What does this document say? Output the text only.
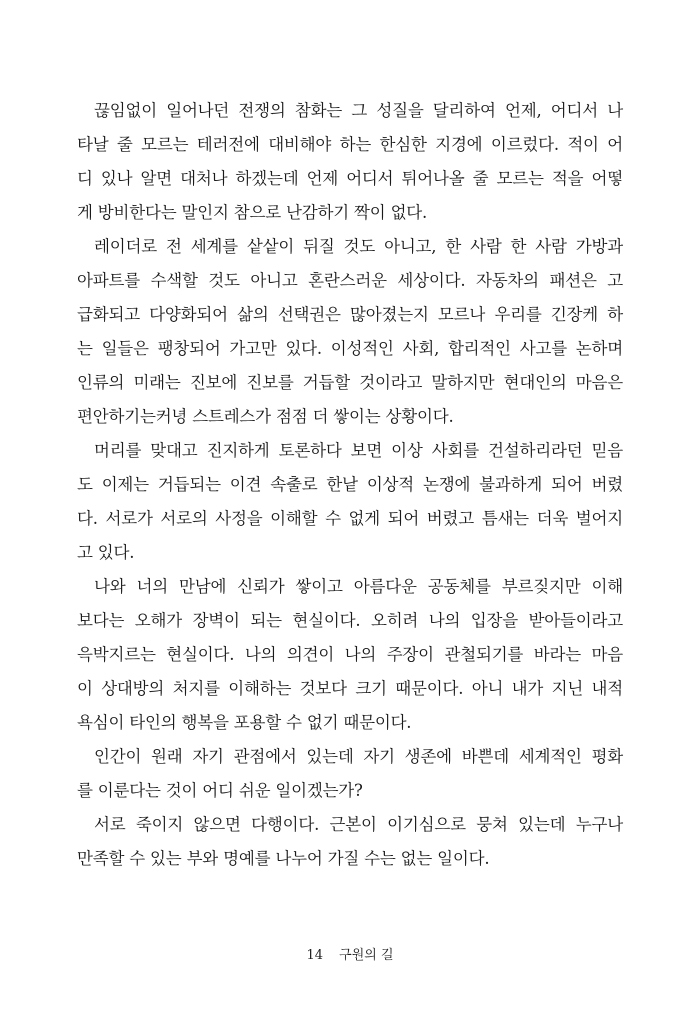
끊임없이 일어나던 전쟁의 참화는 그 성질을 달리하여 언제, 어디서 나
타날 줄 모르는 테러전에 대비해야 하는 한심한 지경에 이르렀다. 적이 어
디 있나 알면 대처나 하겠는데 언제 어디서 튀어나올 줄 모르는 적을 어떻
게 방비한다는 말인지 참으로 난감하기 짝이 없다.

레이더로 전 세계를 샅샅이 뒤질 것도 아니고, 한 사람 한 사람 가방과
아파트를 수색할 것도 아니고 혼란스러운 세상이다. 자동차의 패션은 고
급화되고 다양화되어 삶의 선택권은 많아졌는지 모르나 우리를 긴장케 하
는 일들은 팽창되어 가고만 있다. 이성적인 사회, 합리적인 사고를 논하며
인류의 미래는 진보에 진보를 거듭할 것이라고 말하지만 현대인의 마음은
편안하기는커녕 스트레스가 점점 더 쌓이는 상황이다.

머리를 맞대고 진지하게 토론하다 보면 이상 사회를 건설하리라던 믿음
도 이제는 거듭되는 이견 속출로 한낱 이상적 논쟁에 불과하게 되어 버렸
다. 서로가 서로의 사정을 이해할 수 없게 되어 버렸고 틈새는 더욱 벌어지
고 있다.

나와 너의 만남에 신뢰가 쌓이고 아름다운 공동체를 부르짖지만 이해
보다는 오해가 장벽이 되는 현실이다. 오히려 나의 입장을 받아들이라고
윽박지르는 현실이다. 나의 의견이 나의 주장이 관철되기를 바라는 마음
이 상대방의 처지를 이해하는 것보다 크기 때문이다. 아니 내가 지닌 내적
욕심이 타인의 행복을 포용할 수 없기 때문이다.

인간이 원래 자기 관점에서 있는데 자기 생존에 바쁜데 세계적인 평화
를 이룬다는 것이 어디 쉬운 일이겠는가?

서로 죽이지 않으면 다행이다. 근본이 이기심으로 뭉쳐 있는데 누구나
만족할 수 있는 부와 명예를 나누어 가질 수는 없는 일이다.

14 구원의 길
